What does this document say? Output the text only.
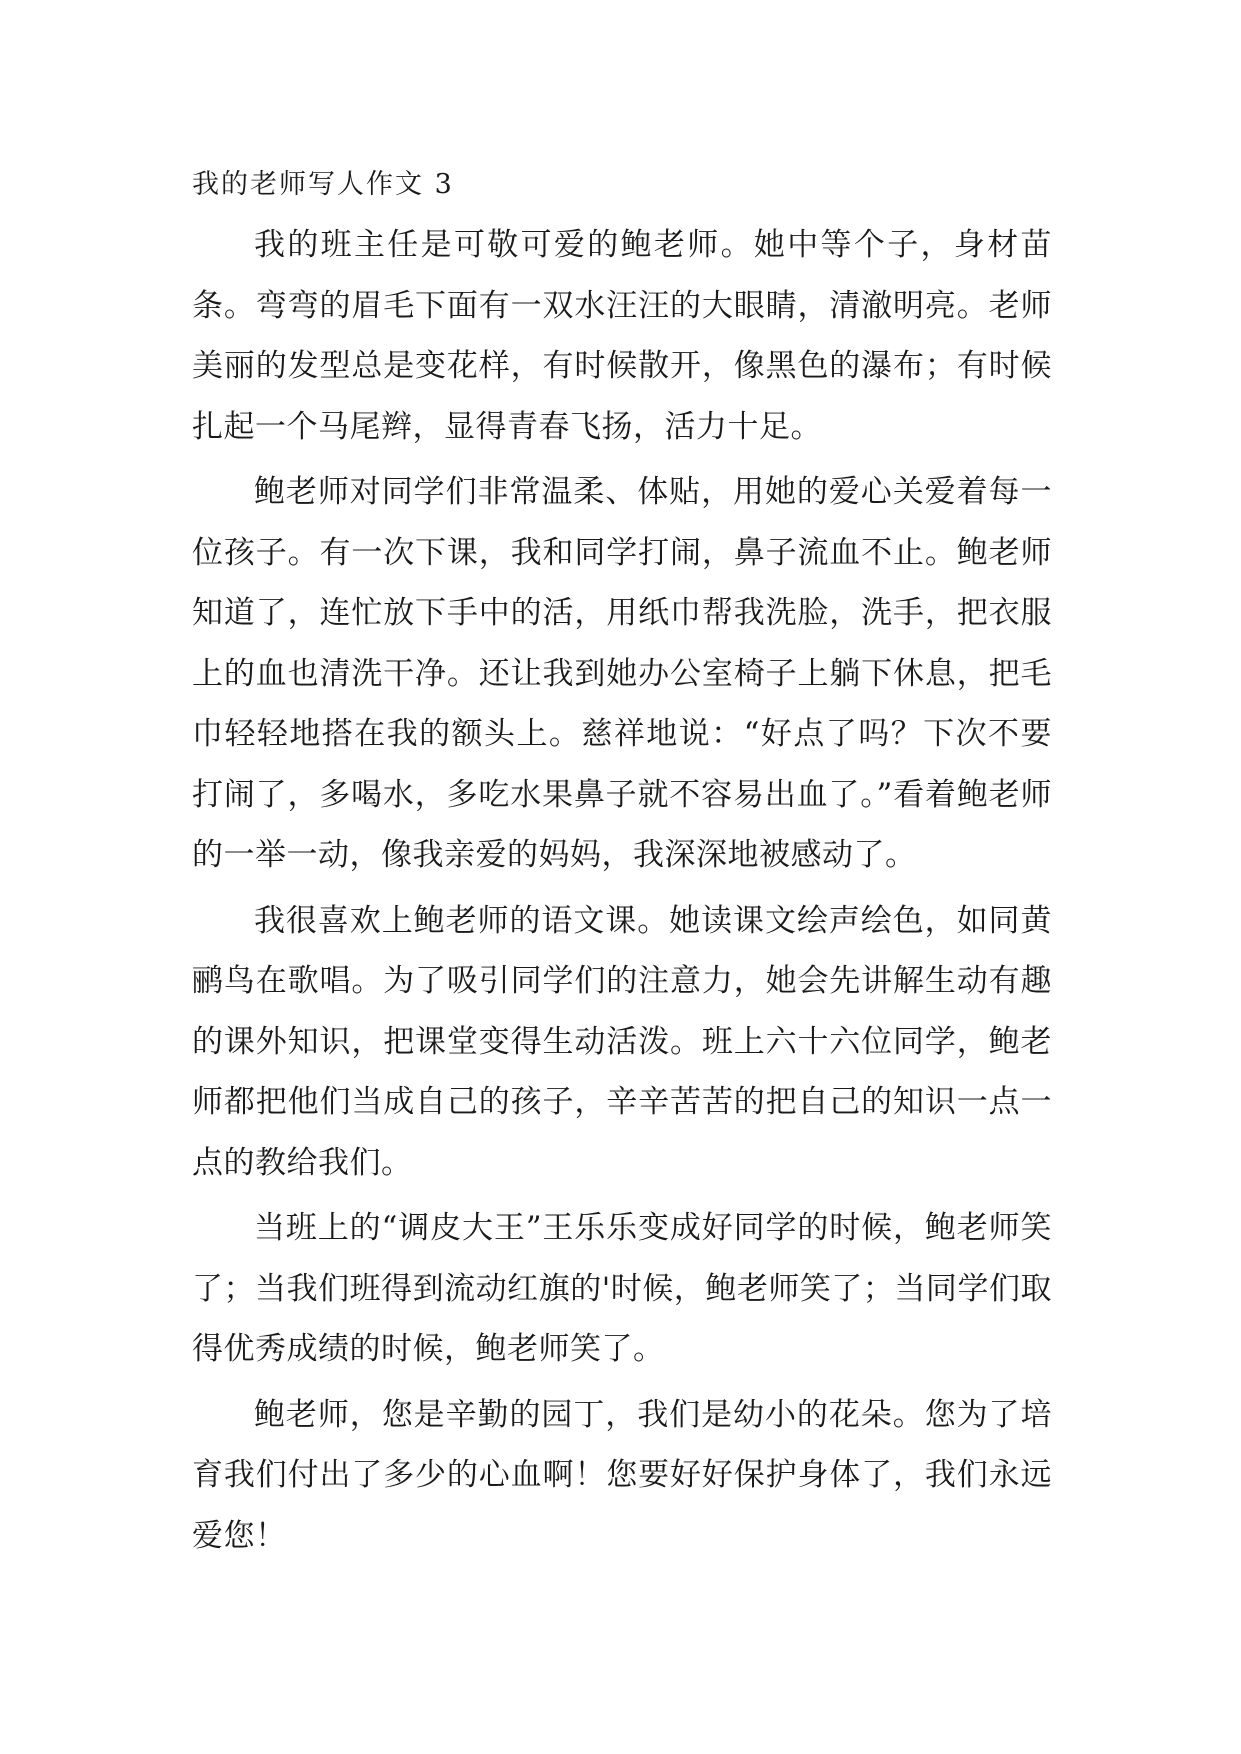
我的老师写人作文 3

我的班主任是可敬可爱的鲍老师。她中等个子，身材苗条。弯弯的眉毛下面有一双水汪汪的大眼睛，清澈明亮。老师美丽的发型总是变花样，有时候散开，像黑色的瀑布；有时候扎起一个马尾辫，显得青春飞扬，活力十足。

鲍老师对同学们非常温柔、体贴，用她的爱心关爱着每一位孩子。有一次下课，我和同学打闹，鼻子流血不止。鲍老师知道了，连忙放下手中的活，用纸巾帮我洗脸，洗手，把衣服上的血也清洗干净。还让我到她办公室椅子上躺下休息，把毛巾轻轻地搭在我的额头上。慈祥地说：“好点了吗？下次不要打闹了，多喝水，多吃水果鼻子就不容易出血了。”看着鲍老师的一举一动，像我亲爱的妈妈，我深深地被感动了。

我很喜欢上鲍老师的语文课。她读课文绘声绘色，如同黄鹂鸟在歌唱。为了吸引同学们的注意力，她会先讲解生动有趣的课外知识，把课堂变得生动活泼。班上六十六位同学，鲍老师都把他们当成自己的孩子，辛辛苦苦的把自己的知识一点一点的教给我们。

当班上的“调皮大王”王乐乐变成好同学的时候，鲍老师笑了；当我们班得到流动红旗的'时候，鲍老师笑了；当同学们取得优秀成绩的时候，鲍老师笑了。

鲍老师，您是辛勤的园丁，我们是幼小的花朵。您为了培育我们付出了多少的心血啊！您要好好保护身体了，我们永远爱您！
